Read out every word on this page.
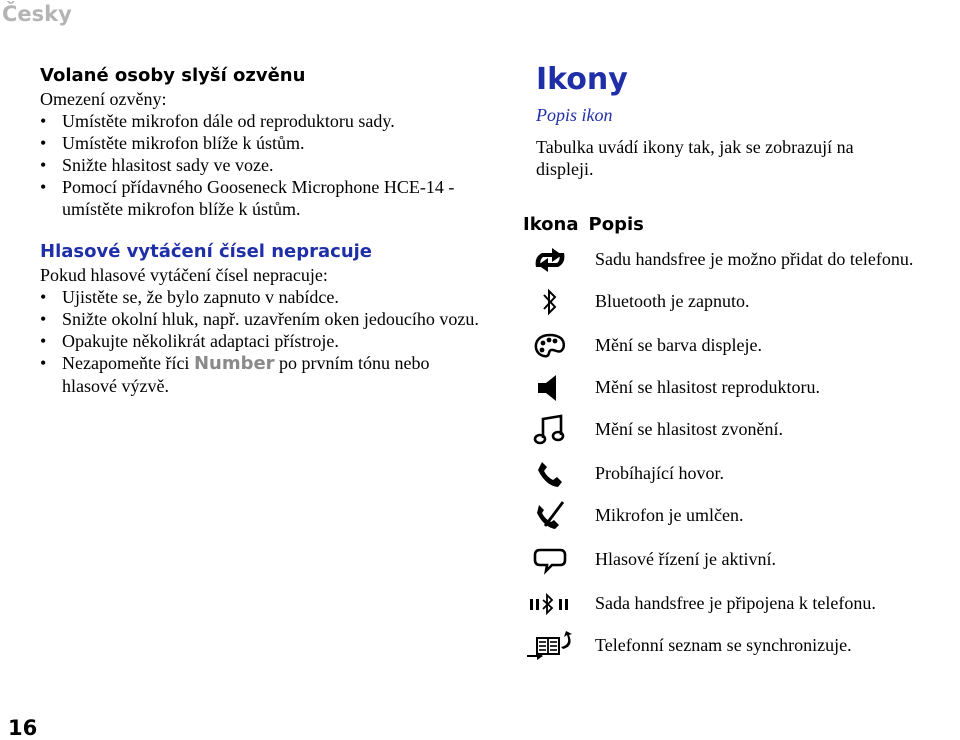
Česky
Volané osoby slyší ozvěnu

Omezení ozvěny:

• Umístěte mikrofon dále od reproduktoru sady.
• Umístěte mikrofon blíže k ústům.
• Snižte hlasitost sady ve voze.
• Pomocí přídavného Gooseneck Microphone HCE-14 - umístěte mikrofon blíže k ústům.
Hlasové vytáčení čísel nepracuje

Pokud hlasové vytáčení čísel nepracuje:

• Ujistěte se, že bylo zapnuto v nabídce.
• Snižte okolní hluk, např. uzavřením oken jedoucího vozu.
• Opakujte několikrát adaptaci přístroje.
• Nezapomeňte říci Number po prvním tónu nebo hlasové výzvě.
Ikony

Popis ikon

Tabulka uvádí ikony tak, jak se zobrazují na displeji.

Ikona Popis
Sadu handsfree je možno přidat do telefonu.
Bluetooth je zapnuto.
Mění se barva displeje.
Mění se hlasitost reproduktoru.
Mění se hlasitost zvonění.
Probíhající hovor.
Mikrofon je umlčen.
Hlasové řízení je aktivní.
Sada handsfree je připojena k telefonu.
Telefonní seznam se synchronizuje.
16
